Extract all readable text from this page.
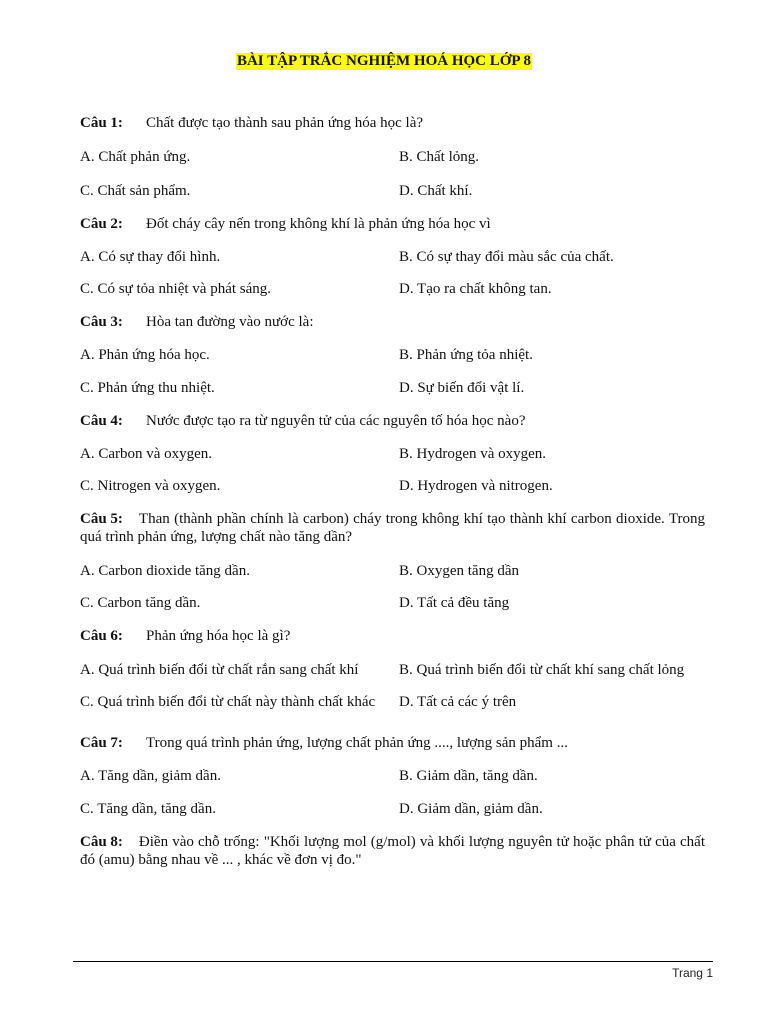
BÀI TẬP TRẮC NGHIỆM HOÁ HỌC LỚP 8
Câu 1: Chất được tạo thành sau phản ứng hóa học là?
A. Chất phản ứng.	B. Chất lỏng.
C. Chất sản phẩm.	D. Chất khí.
Câu 2: Đốt cháy cây nến trong không khí là phản ứng hóa học vì
A. Có sự thay đổi hình.	B. Có sự thay đổi màu sắc của chất.
C. Có sự tỏa nhiệt và phát sáng.	D. Tạo ra chất không tan.
Câu 3: Hòa tan đường vào nước là:
A. Phản ứng hóa học.	B. Phản ứng tỏa nhiệt.
C. Phản ứng thu nhiệt.	D. Sự biến đổi vật lí.
Câu 4: Nước được tạo ra từ nguyên tử của các nguyên tố hóa học nào?
A. Carbon và oxygen.	B. Hydrogen và oxygen.
C. Nitrogen và oxygen.	D. Hydrogen và nitrogen.
Câu 5: Than (thành phần chính là carbon) cháy trong không khí tạo thành khí carbon dioxide. Trong quá trình phản ứng, lượng chất nào tăng dần?
A. Carbon dioxide tăng dần.	B. Oxygen tăng dần
C. Carbon tăng dần.	D. Tất cả đều tăng
Câu 6: Phản ứng hóa học là gì?
A. Quá trình biến đổi từ chất rắn sang chất khí	B. Quá trình biến đổi từ chất khí sang chất lỏng
C. Quá trình biến đổi từ chất này thành chất khác	D. Tất cả các ý trên
Câu 7: Trong quá trình phản ứng, lượng chất phản ứng ...., lượng sản phẩm ...
A. Tăng dần, giảm dần.	B. Giảm dần, tăng dần.
C. Tăng dần, tăng dần.	D. Giảm dần, giảm dần.
Câu 8: Điền vào chỗ trống: "Khối lượng mol (g/mol) và khối lượng nguyên tử hoặc phân tử của chất đó (amu) bằng nhau về ... , khác về đơn vị đo."
Trang 1
